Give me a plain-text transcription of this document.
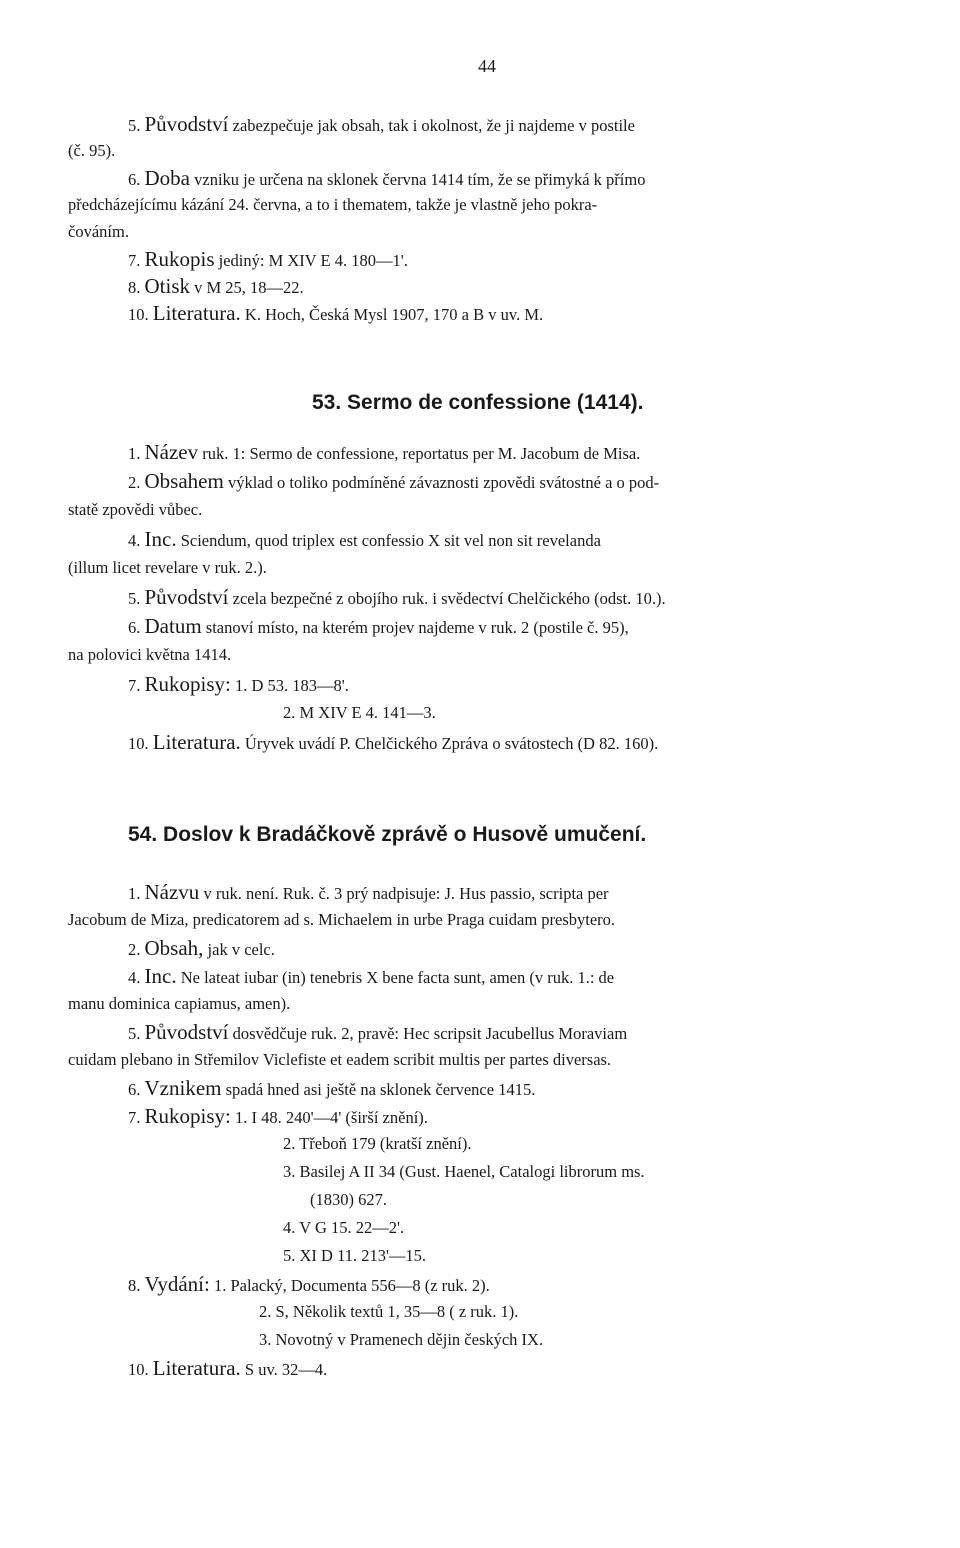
44
5. Původství zabezpečuje jak obsah, tak i okolnost, že ji najdeme v postile
(č. 95).
6. Doba vzniku je určena na sklonek června 1414 tím, že se přimyká k přímo
předcházejícímu kázání 24. června, a to i thematem, takže je vlastně jeho pokra-
čováním.
7. Rukopis jediný: M XIV E 4. 180—1'.
8. Otisk v M 25, 18—22.
10. Literatura. K. Hoch, Česká Mysl 1907, 170 a B v uv. M.
53. Sermo de confessione (1414).
1. Název ruk. 1: Sermo de confessione, reportatus per M. Jacobum de Misa.
2. Obsahem výklad o toliko podmíněné závaznosti zpovědi svátostné a o pod-
statě zpovědi vůbec.
4. Inc. Sciendum, quod triplex est confessio X sit vel non sit revelanda
(illum licet revelare v ruk. 2.).
5. Původství zcela bezpečné z obojího ruk. i svědectví Chelčického (odst. 10.).
6. Datum stanoví místo, na kterém projev najdeme v ruk. 2 (postile č. 95),
na polovici května 1414.
7. Rukopisy: 1. D 53. 183—8'.
2. M XIV E 4. 141—3.
10. Literatura. Úryvek uvádí P. Chelčického Zpráva o svátostech (D 82. 160).
54. Doslov k Bradáčkově zprávě o Husově umučení.
1. Názvu v ruk. není. Ruk. č. 3 prý nadpisuje: J. Hus passio, scripta per
Jacobum de Miza, predicatorem ad s. Michaelem in urbe Praga cuidam presbytero.
2. Obsah, jak v celc.
4. Inc. Ne lateat iubar (in) tenebris X bene facta sunt, amen (v ruk. 1.: de
manu dominica capiamus, amen).
5. Původství dosvědčuje ruk. 2, pravě: Hec scripsit Jacubellus Moraviam
cuidam plebano in Střemilov Viclefiste et eadem scribit multis per partes diversas.
6. Vznikem spadá hned asi ještě na sklonek července 1415.
7. Rukopisy: 1. I 48. 240'—4' (širší znění).
2. Třeboň 179 (kratší znění).
3. Basilej A II 34 (Gust. Haenel, Catalogi librorum ms.
(1830) 627.
4. V G 15. 22—2'.
5. XI D 11. 213'—15.
8. Vydání: 1. Palacký, Documenta 556—8 (z ruk. 2).
2. S, Několik textů 1, 35—8 ( z ruk. 1).
3. Novotný v Pramenech dějin českých IX.
10. Literatura. S uv. 32—4.
